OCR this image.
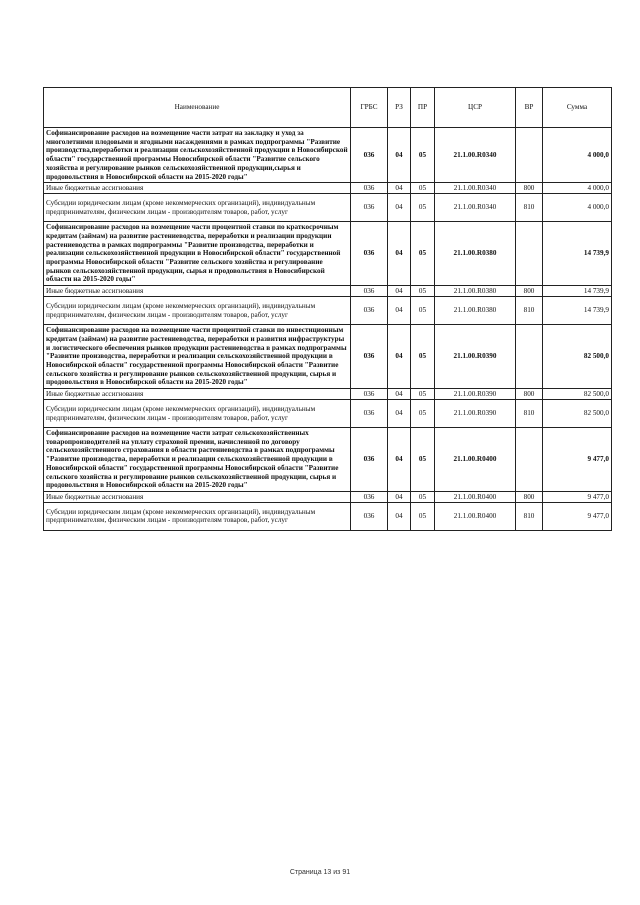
Наименование	ГРБС	РЗ	ПР	ЦСР	ВР	Сумма
Софинансирование расходов на возмещение части затрат на закладку и уход за многолетними плодовыми и ягодными насаждениями в рамках подпрограммы "Развитие производства,переработки и реализации сельскохозяйственной продукции в Новосибирской области" государственной программы Новосибирской области "Развитие сельского хозяйства и регулирование рынков сельскохозяйственной продукции,сырья и продовольствия в Новосибирской области на 2015-2020 годы"	036	04	05	21.1.00.R0340		4 000,0
Иные бюджетные ассигнования	036	04	05	21.1.00.R0340	800	4 000,0
Субсидии юридическим лицам (кроме некоммерческих организаций), индивидуальным предпринимателям, физическим лицам - производителям товаров, работ, услуг	036	04	05	21.1.00.R0340	810	4 000,0
Софинансирование расходов на возмещение части процентной ставки по краткосрочным кредитам (займам) на развитие растениеводства, переработки и реализации продукции растениеводства в рамках подпрограммы "Развитие производства, переработки и реализации сельскохозяйственной продукции в Новосибирской области" государственной программы Новосибирской области "Развитие сельского хозяйства и регулирование рынков сельскохозяйственной продукции, сырья и продовольствия в Новосибирской области на 2015-2020 годы"	036	04	05	21.1.00.R0380		14 739,9
Иные бюджетные ассигнования	036	04	05	21.1.00.R0380	800	14 739,9
Субсидии юридическим лицам (кроме некоммерческих организаций), индивидуальным предпринимателям, физическим лицам - производителям товаров, работ, услуг	036	04	05	21.1.00.R0380	810	14 739,9
Софинансирование расходов на возмещение части процентной ставки по инвестиционным кредитам (займам) на развитие растениеводства, переработки и развития инфраструктуры и логистического обеспечения рынков продукции растениеводства в рамках подпрограммы "Развитие производства, переработки и реализации сельскохозяйственной продукции в Новосибирской области" государственной программы Новосибирской области "Развитие сельского хозяйства и регулирование рынков сельскохозяйственной продукции, сырья и продовольствия в Новосибирской области на 2015-2020 годы"	036	04	05	21.1.00.R0390		82 500,0
Иные бюджетные ассигнования	036	04	05	21.1.00.R0390	800	82 500,0
Субсидии юридическим лицам (кроме некоммерческих организаций), индивидуальным предпринимателям, физическим лицам - производителям товаров, работ, услуг	036	04	05	21.1.00.R0390	810	82 500,0
Софинансирование расходов на возмещение части затрат сельскохозяйственных товаропроизводителей на уплату страховой премии, начисленной по договору сельскохозяйственного страхования в области растениеводства в рамках подпрограммы "Развитие производства, переработки и реализации сельскохозяйственной продукции в Новосибирской области" государственной программы Новосибирской области "Развитие сельского хозяйства и регулирование рынков сельскохозяйственной продукции, сырья и продовольствия в Новосибирской области на 2015-2020 годы"	036	04	05	21.1.00.R0400		9 477,0
Иные бюджетные ассигнования	036	04	05	21.1.00.R0400	800	9 477,0
Субсидии юридическим лицам (кроме некоммерческих организаций), индивидуальным предпринимателям, физическим лицам - производителям товаров, работ, услуг	036	04	05	21.1.00.R0400	810	9 477,0
Страница 13 из 91
